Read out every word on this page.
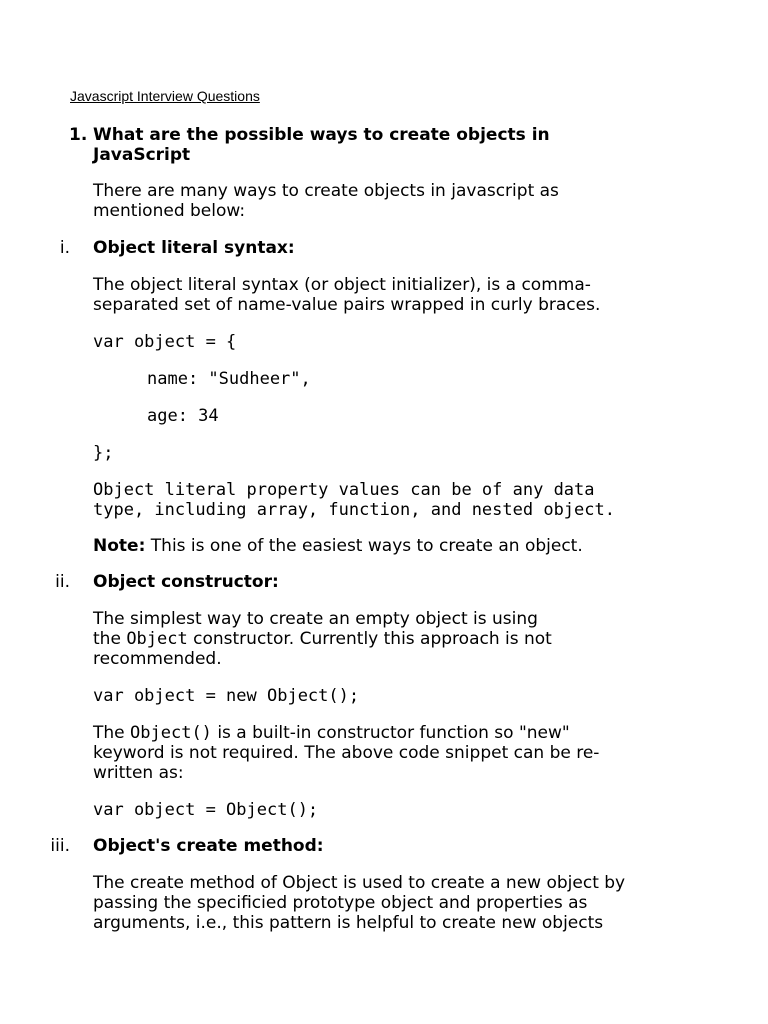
Javascript Interview Questions
1. What are the possible ways to create objects in
JavaScript
There are many ways to create objects in javascript as
mentioned below:
i. Object literal syntax:
The object literal syntax (or object initializer), is a comma-
separated set of name-value pairs wrapped in curly braces.
var object = {
name: "Sudheer",
age: 34
};
Object literal property values can be of any data
type, including array, function, and nested object.
Note: This is one of the easiest ways to create an object.
ii. Object constructor:
The simplest way to create an empty object is using
the Object constructor. Currently this approach is not
recommended.
var object = new Object();
The Object() is a built-in constructor function so "new"
keyword is not required. The above code snippet can be re-
written as:
var object = Object();
iii. Object's create method:
The create method of Object is used to create a new object by
passing the specificied prototype object and properties as
arguments, i.e., this pattern is helpful to create new objects
